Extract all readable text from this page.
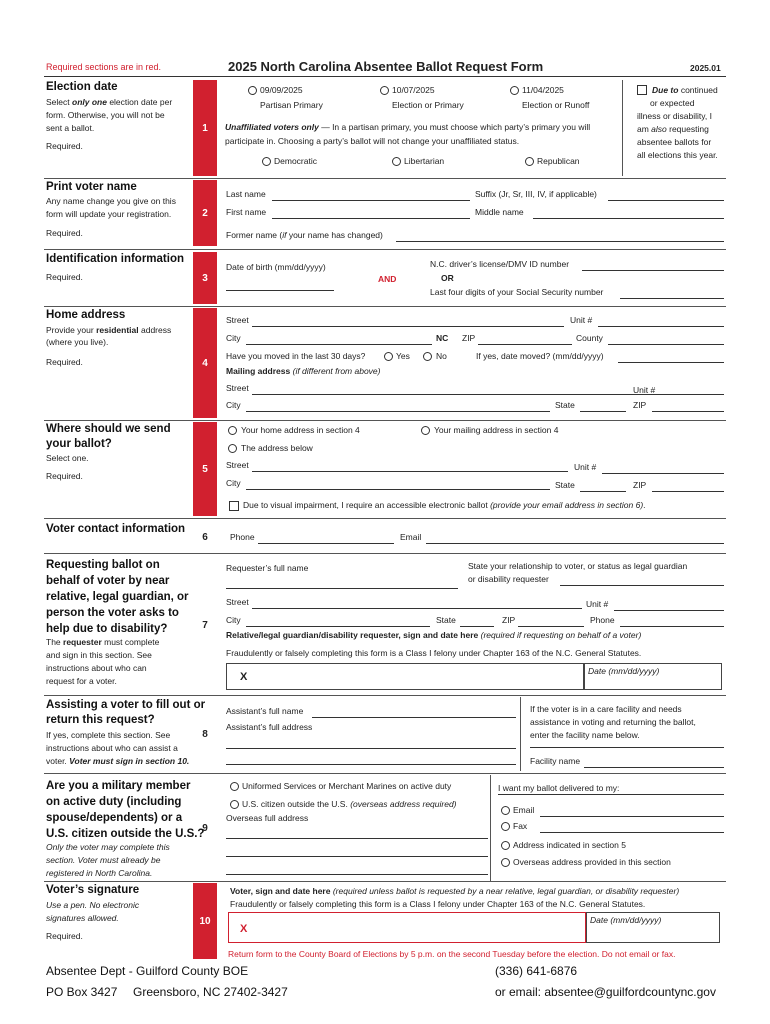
Required sections are in red.	2025 North Carolina Absentee Ballot Request Form	2025.01
Election date
Select only one election date per
form. Otherwise, you will not be
sent a ballot.
Required.
1
09/09/2025
Partisan Primary
10/07/2025
Election or Primary
11/04/2025
Election or Runoff
Unaffiliated voters only — In a partisan primary, you must choose which party’s primary you will
participate in. Choosing a party’s ballot will not change your unaffiliated status.
Democratic	Libertarian	Republican
Due to continued
or expected
illness or disability, I
am also requesting
absentee ballots for
all elections this year.
Print voter name
Any name change you give on this
form will update your registration.
Required.
2
Last name	Suffix (Jr, Sr, III, IV, if applicable)
First name	Middle name
Former name (if your name has changed)
Identification information
Required.	3
Date of birth (mm/dd/yyyy)
AND
N.C. driver’s license/DMV ID number
OR
Last four digits of your Social Security number
Home address
Provide your residential address
(where you live).
Required.	4
Street	Unit #
City	NC ZIP	County
Have you moved in the last 30 days?	Yes	No	If yes, date moved? (mm/dd/yyyy)
Mailing address (if different from above)
Street	Unit #
City	State	ZIP
Where should we send
your ballot?
Select one.
Required.
5
Your home address in section 4	Your mailing address in section 4
The address below
Street	Unit #
City	State	ZIP
Due to visual impairment, I require an accessible electronic ballot (provide your email address in section 6).
Voter contact information
6	Phone	Email
Requesting ballot on
behalf of voter by near
relative, legal guardian, or
person the voter asks to
help due to disability?
The requester must complete
and sign in this section. See
instructions about who can
request for a voter.
7
Requester’s full name	State your relationship to voter, or status as legal guardian
or disability requester
Street	Unit #
City	State	ZIP	Phone
Relative/legal guardian/disability requester, sign and date here (required if requesting on behalf of a voter)
Fraudulently or falsely completing this form is a Class I felony under Chapter 163 of the N.C. General Statutes.
X	Date (mm/dd/yyyy)
Assisting a voter to fill out or
return this request?
If yes, complete this section. See
instructions about who can assist a
voter. Voter must sign in section 10.
8
Assistant’s full name
Assistant’s full address
If the voter is in a care facility and needs
assistance in voting and returning the ballot,
enter the facility name below.
Facility name
Are you a military member
on active duty (including
spouse/dependents) or a
U.S. citizen outside the U.S.?
Only the voter may complete this
section. Voter must already be
registered in North Carolina.
9
Uniformed Services or Merchant Marines on active duty
U.S. citizen outside the U.S. (overseas address required)
Overseas full address
I want my ballot delivered to my:
Email
Fax
Address indicated in section 5
Overseas address provided in this section
Voter’s signature
Use a pen. No electronic
signatures allowed.
Required.
10
Voter, sign and date here (required unless ballot is requested by a near relative, legal guardian, or disability requester)
Fraudulently or falsely completing this form is a Class I felony under Chapter 163 of the N.C. General Statutes.
X
Date (mm/dd/yyyy)
Return form to the County Board of Elections by 5 p.m. on the second Tuesday before the election. Do not email or fax.
Absentee Dept - Guilford County BOE	(336) 641-6876
PO Box 3427 Greensboro, NC 27402-3427	or email: absentee@guilfordcountync.gov
